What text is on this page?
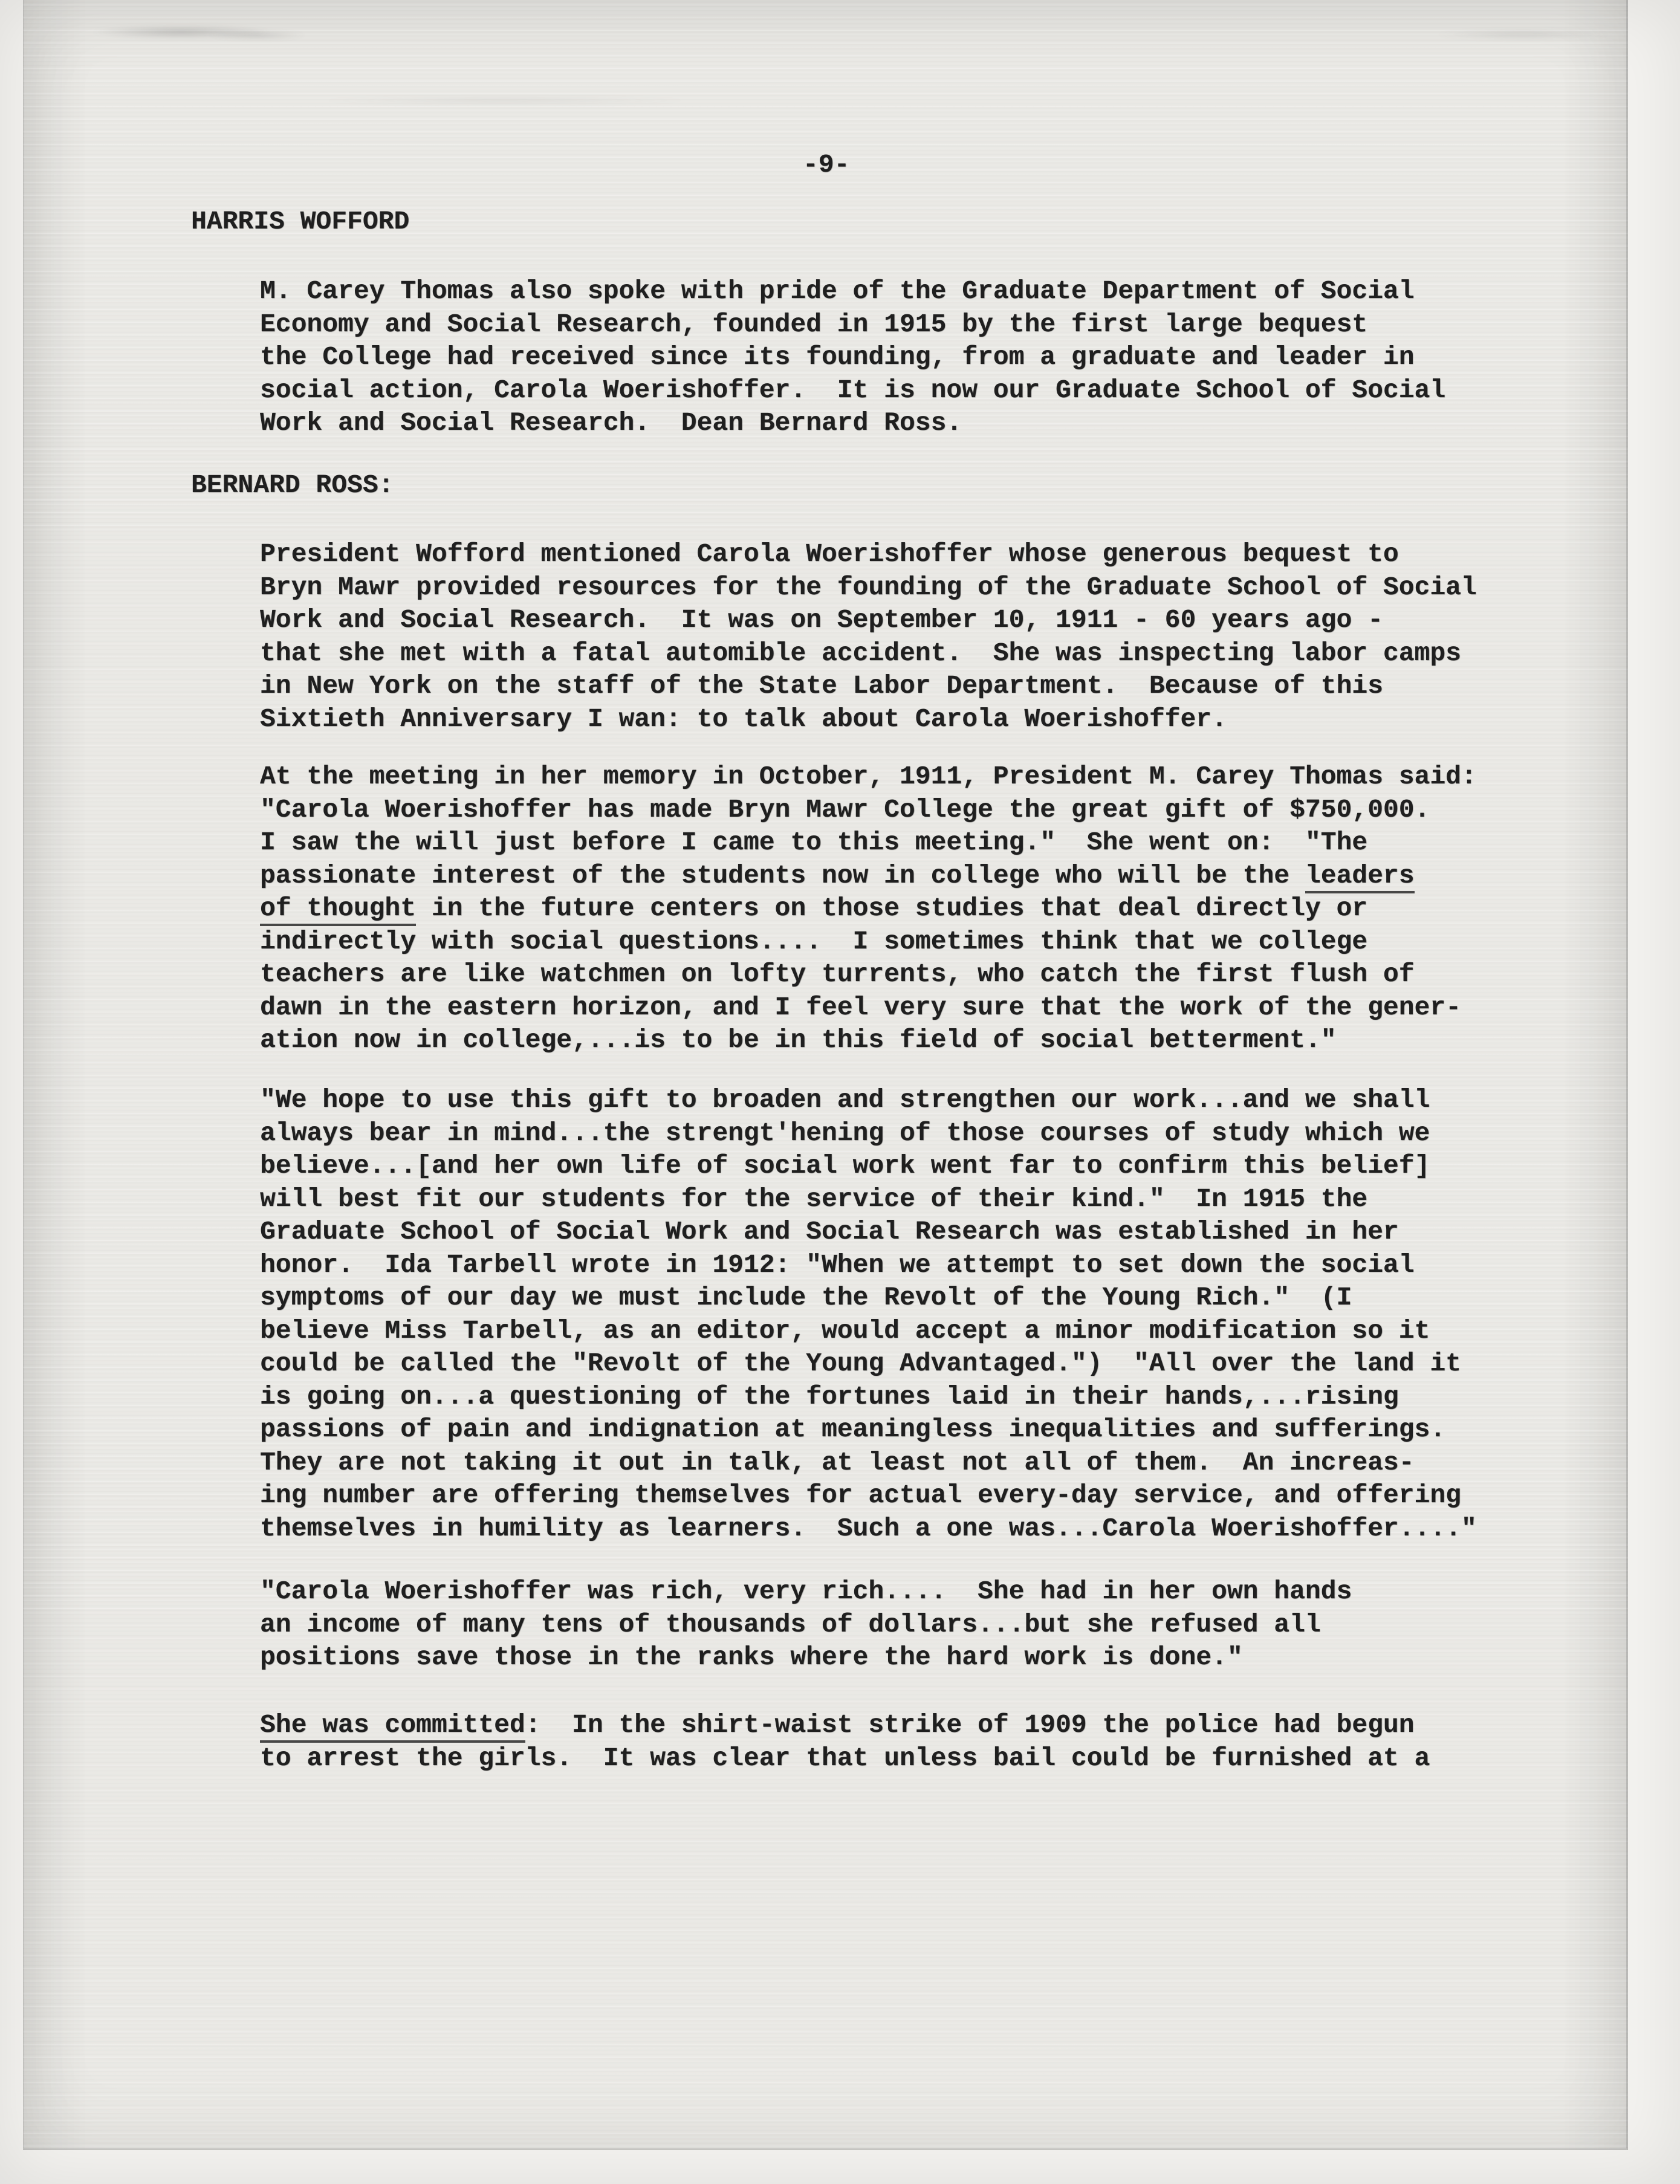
-9-
HARRIS WOFFORD
M. Carey Thomas also spoke with pride of the Graduate Department of Social
Economy and Social Research, founded in 1915 by the first large bequest
the College had received since its founding, from a graduate and leader in
social action, Carola Woerishoffer.  It is now our Graduate School of Social
Work and Social Research.  Dean Bernard Ross.
BERNARD ROSS:
President Wofford mentioned Carola Woerishoffer whose generous bequest to
Bryn Mawr provided resources for the founding of the Graduate School of Social
Work and Social Research.  It was on September 10, 1911 - 60 years ago -
that she met with a fatal automible accident.  She was inspecting labor camps
in New York on the staff of the State Labor Department.  Because of this
Sixtieth Anniversary I wan: to talk about Carola Woerishoffer.
At the meeting in her memory in October, 1911, President M. Carey Thomas said:
"Carola Woerishoffer has made Bryn Mawr College the great gift of $750,000.
I saw the will just before I came to this meeting."  She went on:  "The
passionate interest of the students now in college who will be the leaders
of thought in the future centers on those studies that deal directly or
indirectly with social questions....  I sometimes think that we college
teachers are like watchmen on lofty turrents, who catch the first flush of
dawn in the eastern horizon, and I feel very sure that the work of the gener-
ation now in college,...is to be in this field of social betterment."
"We hope to use this gift to broaden and strengthen our work...and we shall
always bear in mind...the strengt'hening of those courses of study which we
believe...[and her own life of social work went far to confirm this belief]
will best fit our students for the service of their kind."  In 1915 the
Graduate School of Social Work and Social Research was established in her
honor.  Ida Tarbell wrote in 1912: "When we attempt to set down the social
symptoms of our day we must include the Revolt of the Young Rich."  (I
believe Miss Tarbell, as an editor, would accept a minor modification so it
could be called the "Revolt of the Young Advantaged.")  "All over the land it
is going on...a questioning of the fortunes laid in their hands,...rising
passions of pain and indignation at meaningless inequalities and sufferings.
They are not taking it out in talk, at least not all of them.  An increas-
ing number are offering themselves for actual every-day service, and offering
themselves in humility as learners.  Such a one was...Carola Woerishoffer...."
"Carola Woerishoffer was rich, very rich....  She had in her own hands
an income of many tens of thousands of dollars...but she refused all
positions save those in the ranks where the hard work is done."
She was committed:  In the shirt-waist strike of 1909 the police had begun
to arrest the girls.  It was clear that unless bail could be furnished at a
